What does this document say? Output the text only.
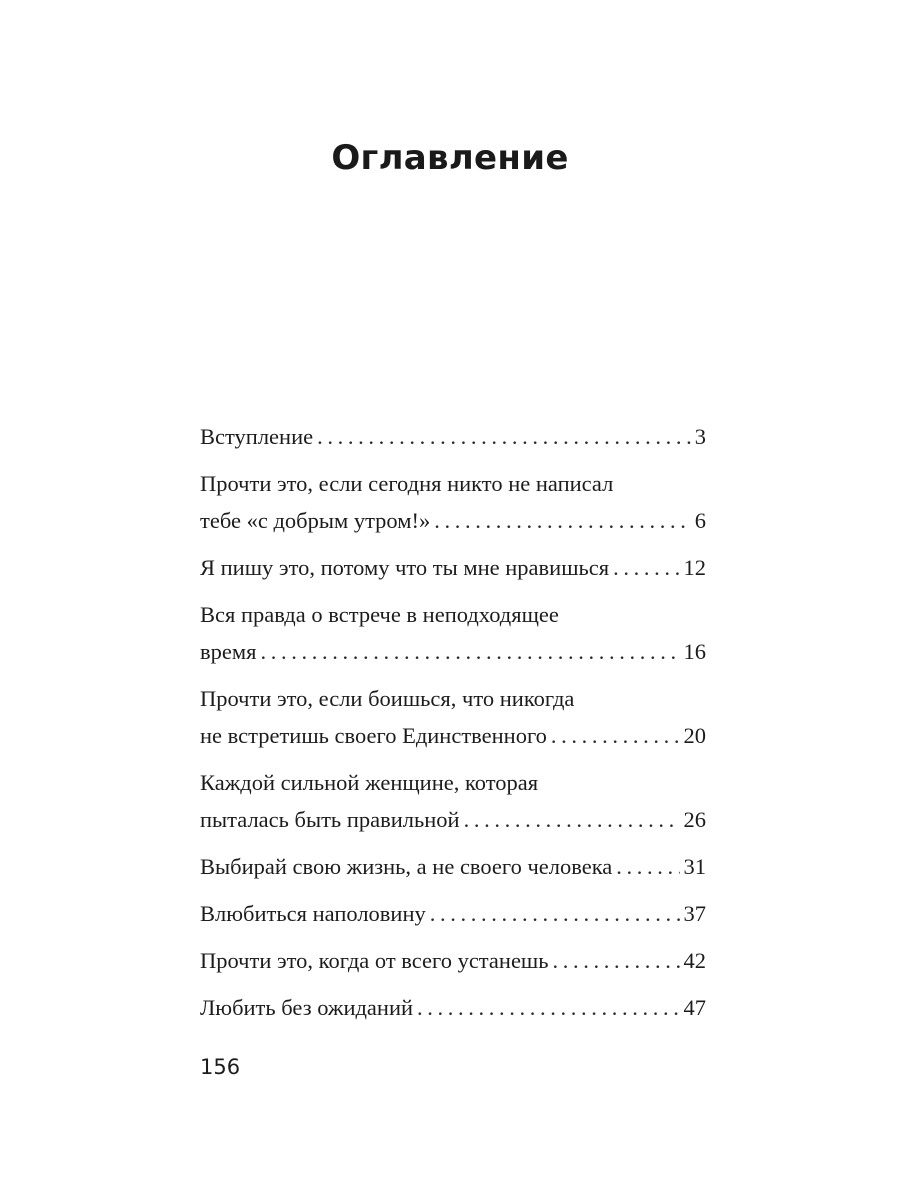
Оглавление
Вступление . . .	3
Прочти это, если сегодня никто не написал
тебе «с добрым утром!» . . .	6
Я пишу это, потому что ты мне нравишься . . .	12
Вся правда о встрече в неподходящее
время . . .	16
Прочти это, если боишься, что никогда
не встретишь своего Единственного . . .	20
Каждой сильной женщине, которая
пыталась быть правильной . . .	26
Выбирай свою жизнь, а не своего человека . . .	31
Влюбиться наполовину . . .	37
Прочти это, когда от всего устанешь . . .	42
Любить без ожиданий . . .	47
156
